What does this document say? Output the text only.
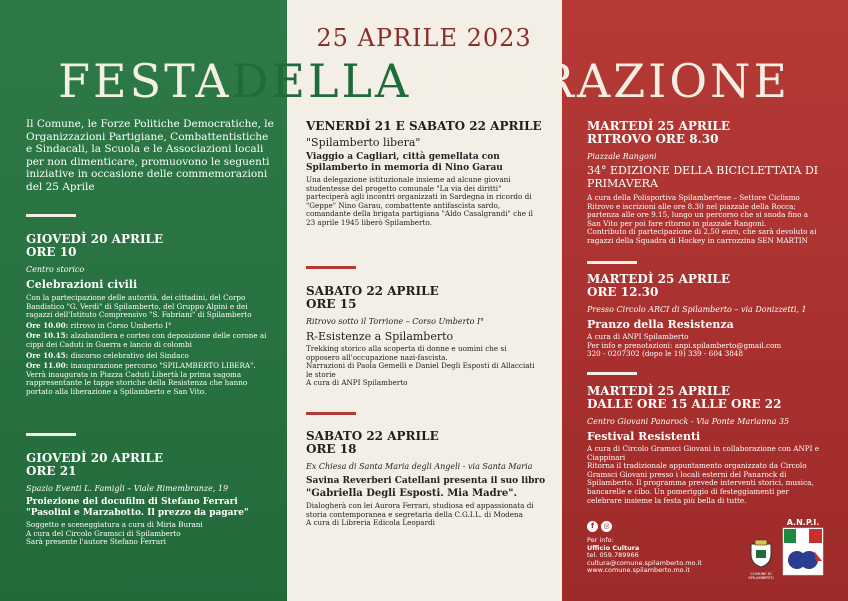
25 APRILE 2023
FESTADELLALIBERAZIONE
Il Comune, le Forze Politiche Democratiche, le Organizzazioni Partigiane, Combattentistiche e Sindacali, la Scuola e le Associazioni locali per non dimenticare, promuovono le seguenti iniziative in occasione delle commemorazioni del 25 Aprile
GIOVEDÌ 20 APRILE
ORE 10
Centro storico
Celebrazioni civili
Con la partecipazione delle autorità, dei cittadini, del Corpo Bandistico "G. Verdi" di Spilamberto, del Gruppo Alpini e dei ragazzi dell'Istituto Comprensivo "S. Fabriani" di Spilamberto
Ore 10.00: ritrovo in Corso Umberto I°
Ore 10.15: alzabandiera e corteo con deposizione delle corone ai cippi dei Caduti in Guerra e lancio di colombi
Ore 10.45: discorso celebrativo del Sindaco
Ore 11.00: inaugurazione percorso "SPILAMBERTO LIBERA".
Verrà inaugurata in Piazza Caduti Libertà la prima sagoma rappresentante le tappe storiche della Resistenza che hanno portato alla liberazione a Spilamberto e San Vito.
GIOVEDÌ 20 APRILE
ORE 21
Spazio Eventi L. Famigli – Viale Rimembranze, 19
Proiezione del docufilm di Stefano Ferrari
"Pasolini e Marzabotto. Il prezzo da pagare"
Soggetto e sceneggiatura a cura di Miria Burani
A cura del Circolo Gramsci di Spilamberto
Sarà presente l'autore Stefano Ferrari
VENERDÌ 21 E SABATO 22 APRILE
"Spilamberto libera"
Viaggio a Cagliari, città gemellata con Spilamberto in memoria di Nino Garau
Una delegazione istituzionale insieme ad alcune giovani studentesse del progetto comunale "La via dei diritti" parteciperà agli incontri organizzati in Sardegna in ricordo di "Geppe" Nino Garau, combattente antifascista sardo, comandante della brigata partigiana "Aldo Casalgrandi" che il 23 aprile 1945 liberò Spilamberto.
SABATO 22 APRILE
ORE 15
Ritrovo sotto il Torrione – Corso Umberto I°
R-Esistenze a Spilamberto
Trekking storico alla scoperta di donne e uomini che si opposero all'occupazione nazi-fascista.
Narrazioni di Paola Gemelli e Daniel Degli Esposti di Allacciati le storie
A cura di ANPI Spilamberto
SABATO 22 APRILE
ORE 18
Ex Chiesa di Santa Maria degli Angeli - via Santa Maria
Savina Reverberi Catellani presenta il suo libro
"Gabriella Degli Esposti. Mia Madre".
Dialogherà con lei Aurora Ferrari, studiosa ed appassionata di storia contemporanea e segretaria della C.G.I.L. di Modena
A cura di Libreria Edicola Leopardi
MARTEDÌ 25 APRILE
RITROVO ORE 8.30
Piazzale Rangoni
34° EDIZIONE DELLA BICICLETTATA DI PRIMAVERA
A cura della Polisportiva Spilambertese – Settore Ciclismo
Ritrovo e iscrizioni alle ore 8.30 nel piazzale della Rocca; partenza alle ore 9.15, lungo un percorso che si snoda fino a San Vito per poi fare ritorno in piazzale Rangoni.
Contributo di partecipazione di 2,50 euro, che sarà devoluto ai ragazzi della Squadra di Hockey in carrozzina SEN MARTIN
MARTEDÌ 25 APRILE
ORE 12.30
Presso Circolo ARCI di Spilamberto – via Donizzetti, 1
Pranzo della Resistenza
A cura di ANPI Spilamberto
Per info e prenotazioni: anpi.spilamberto@gmail.com
320 - 0207302 (dopo le 19) 339 - 604 3848
MARTEDÌ 25 APRILE
DALLE ORE 15 ALLE ORE 22
Centro Giovani Panarock - Via Ponte Marianna 35
Festival Resistenti
A cura di Circolo Gramsci Giovani in collaborazione con ANPI e Ciappinari
Ritorna il tradizionale appuntamento organizzato da Circolo Gramsci Giovani presso i locali esterni del Panarock di Spilamberto. Il programma prevede interventi storici, musica, bancarelle e cibo. Un pomeriggio di festeggiamenti per celebrare insieme la festa più bella di tutte.
f	◎
Per info:
Ufficio Cultura
tel. 059.789966
cultura@comune.spilamberto.mo.it
www.comune.spilamberto.mo.it	COMUNE DI SPILAMBERTO
A.N.P.I.
